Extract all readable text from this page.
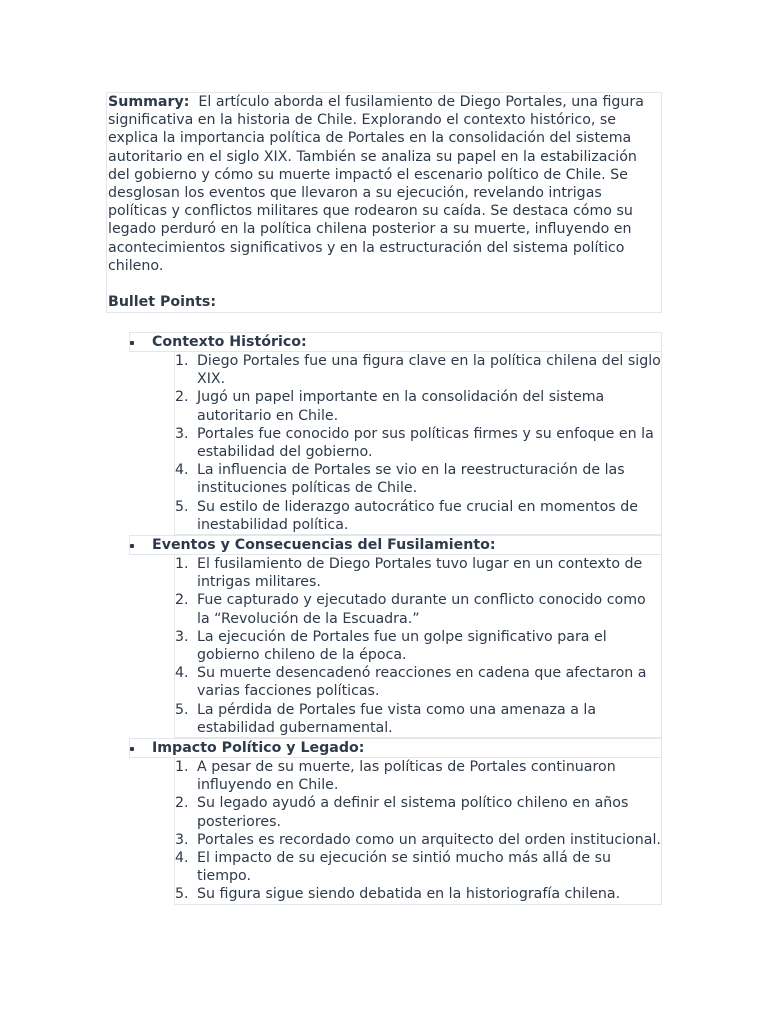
Summary: El artículo aborda el fusilamiento de Diego Portales, una figura significativa en la historia de Chile. Explorando el contexto histórico, se explica la importancia política de Portales en la consolidación del sistema autoritario en el siglo XIX. También se analiza su papel en la estabilización del gobierno y cómo su muerte impactó el escenario político de Chile. Se desglosan los eventos que llevaron a su ejecución, revelando intrigas políticas y conflictos militares que rodearon su caída. Se destaca cómo su legado perduró en la política chilena posterior a su muerte, influyendo en acontecimientos significativos y en la estructuración del sistema político chileno.

Bullet Points:

Contexto Histórico:
1. Diego Portales fue una figura clave en la política chilena del siglo XIX.
2. Jugó un papel importante en la consolidación del sistema autoritario en Chile.
3. Portales fue conocido por sus políticas firmes y su enfoque en la estabilidad del gobierno.
4. La influencia de Portales se vio en la reestructuración de las instituciones políticas de Chile.
5. Su estilo de liderazgo autocrático fue crucial en momentos de inestabilidad política.
Eventos y Consecuencias del Fusilamiento:
1. El fusilamiento de Diego Portales tuvo lugar en un contexto de intrigas militares.
2. Fue capturado y ejecutado durante un conflicto conocido como la “Revolución de la Escuadra.”
3. La ejecución de Portales fue un golpe significativo para el gobierno chileno de la época.
4. Su muerte desencadenó reacciones en cadena que afectaron a varias facciones políticas.
5. La pérdida de Portales fue vista como una amenaza a la estabilidad gubernamental.
Impacto Político y Legado:
1. A pesar de su muerte, las políticas de Portales continuaron influyendo en Chile.
2. Su legado ayudó a definir el sistema político chileno en años posteriores.
3. Portales es recordado como un arquitecto del orden institucional.
4. El impacto de su ejecución se sintió mucho más allá de su tiempo.
5. Su figura sigue siendo debatida en la historiografía chilena.
